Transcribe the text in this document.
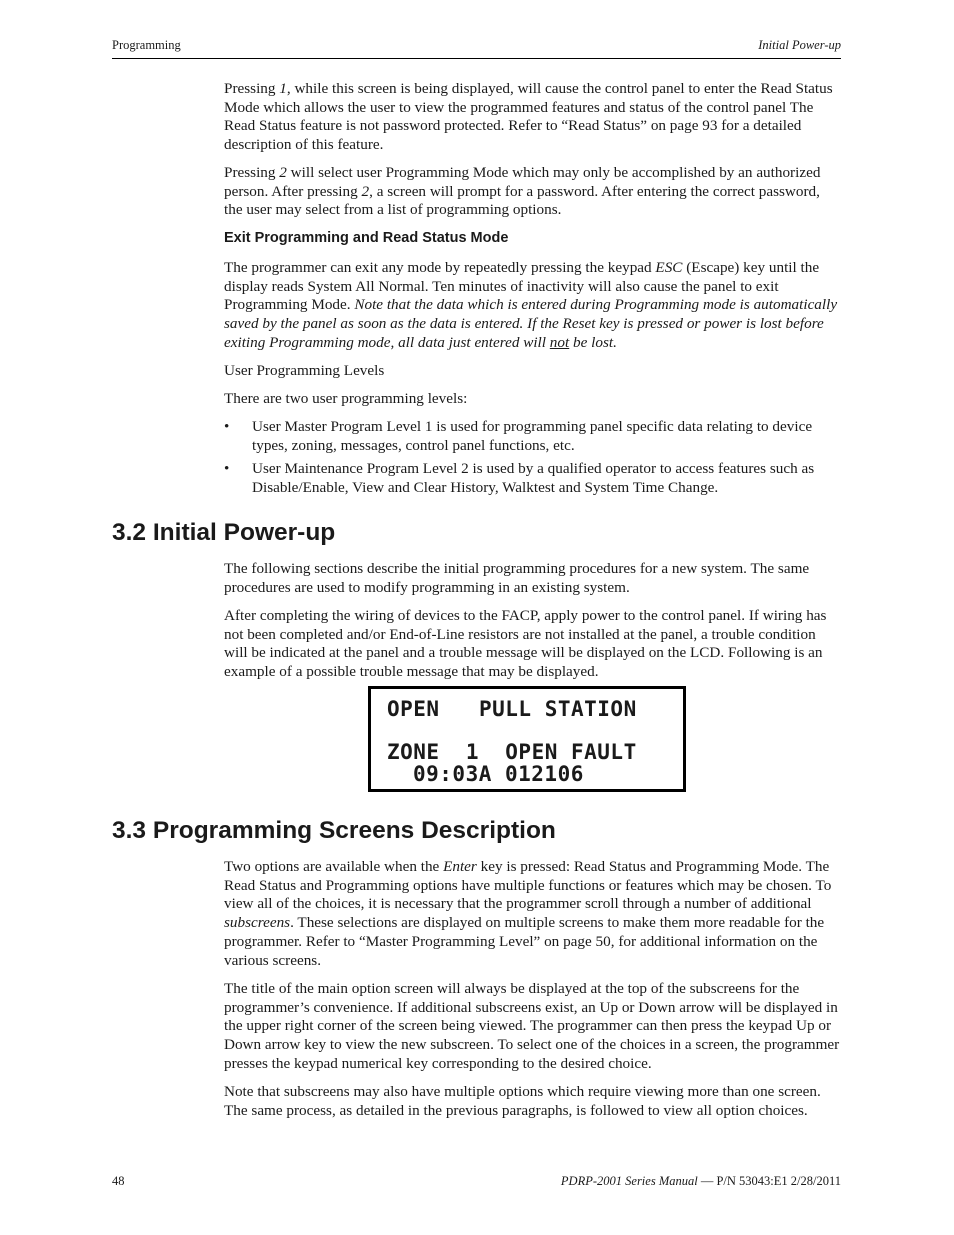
Programming	Initial Power-up

Pressing 1, while this screen is being displayed, will cause the control panel to enter the Read Status Mode which allows the user to view the programmed features and status of the control panel The Read Status feature is not password protected. Refer to “Read Status” on page 93 for a detailed description of this feature.

Pressing 2 will select user Programming Mode which may only be accomplished by an authorized person. After pressing 2, a screen will prompt for a password. After entering the correct password, the user may select from a list of programming options.

Exit Programming and Read Status Mode

The programmer can exit any mode by repeatedly pressing the keypad ESC (Escape) key until the display reads System All Normal. Ten minutes of inactivity will also cause the panel to exit Programming Mode. Note that the data which is entered during Programming mode is automatically saved by the panel as soon as the data is entered. If the Reset key is pressed or power is lost before exiting Programming mode, all data just entered will not be lost.

User Programming Levels
There are two user programming levels:
• User Master Program Level 1 is used for programming panel specific data relating to device types, zoning, messages, control panel functions, etc.
• User Maintenance Program Level 2 is used by a qualified operator to access features such as Disable/Enable, View and Clear History, Walktest and System Time Change.
3.2 Initial Power-up
The following sections describe the initial programming procedures for a new system. The same procedures are used to modify programming in an existing system.
After completing the wiring of devices to the FACP, apply power to the control panel. If wiring has not been completed and/or End-of-Line resistors are not installed at the panel, a trouble condition will be indicated at the panel and a trouble message will be displayed on the LCD. Following is an example of a possible trouble message that may be displayed.
OPEN   PULL STATION
ZONE  1  OPEN FAULT
09:03A 012106
3.3 Programming Screens Description

Two options are available when the Enter key is pressed: Read Status and Programming Mode. The Read Status and Programming options have multiple functions or features which may be chosen. To view all of the choices, it is necessary that the programmer scroll through a number of additional subscreens. These selections are displayed on multiple screens to make them more readable for the programmer. Refer to “Master Programming Level” on page 50, for additional information on the various screens.

The title of the main option screen will always be displayed at the top of the subscreens for the programmer’s convenience. If additional subscreens exist, an Up or Down arrow will be displayed in the upper right corner of the screen being viewed. The programmer can then press the keypad Up or Down arrow key to view the new subscreen. To select one of the choices in a screen, the programmer presses the keypad numerical key corresponding to the desired choice.
Note that subscreens may also have multiple options which require viewing more than one screen. The same process, as detailed in the previous paragraphs, is followed to view all option choices.
48	PDRP-2001 Series Manual — P/N 53043:E1 2/28/2011
